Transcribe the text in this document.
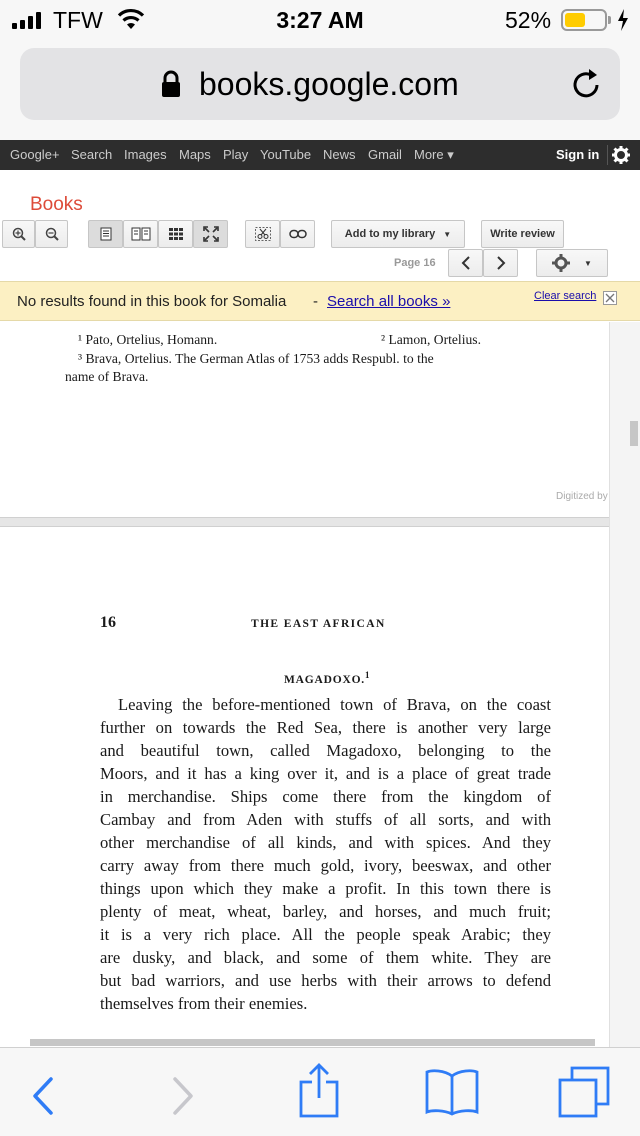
TFW	3:27 AM	52%
books.google.com
Google+ Search Images Maps Play YouTube News Gmail More ▾	Sign in
Books
Add to my library ▼	Write review
Page 16	▼
No results found in this book for Somalia - Search all books »	Clear search
¹ Pato, Ortelius, Homann.	² Lamon, Ortelius.
³ Brava, Ortelius. The German Atlas of 1753 adds Respubl. to the
name of Brava.
Digitized by
16	THE EAST AFRICAN
MAGADOXO.$^1$
Leaving the before-mentioned town of Brava, on the coast
further on towards the Red Sea, there is another very large
and beautiful town, called Magadoxo, belonging to the
Moors, and it has a king over it, and is a place of great trade
in merchandise. Ships come there from the kingdom of
Cambay and from Aden with stuffs of all sorts, and with
other merchandise of all kinds, and with spices. And they
carry away from there much gold, ivory, beeswax, and other
things upon which they make a profit. In this town there is
plenty of meat, wheat, barley, and horses, and much fruit;
it is a very rich place. All the people speak Arabic; they
are dusky, and black, and some of them white. They are
but bad warriors, and use herbs with their arrows to defend
themselves from their enemies.
